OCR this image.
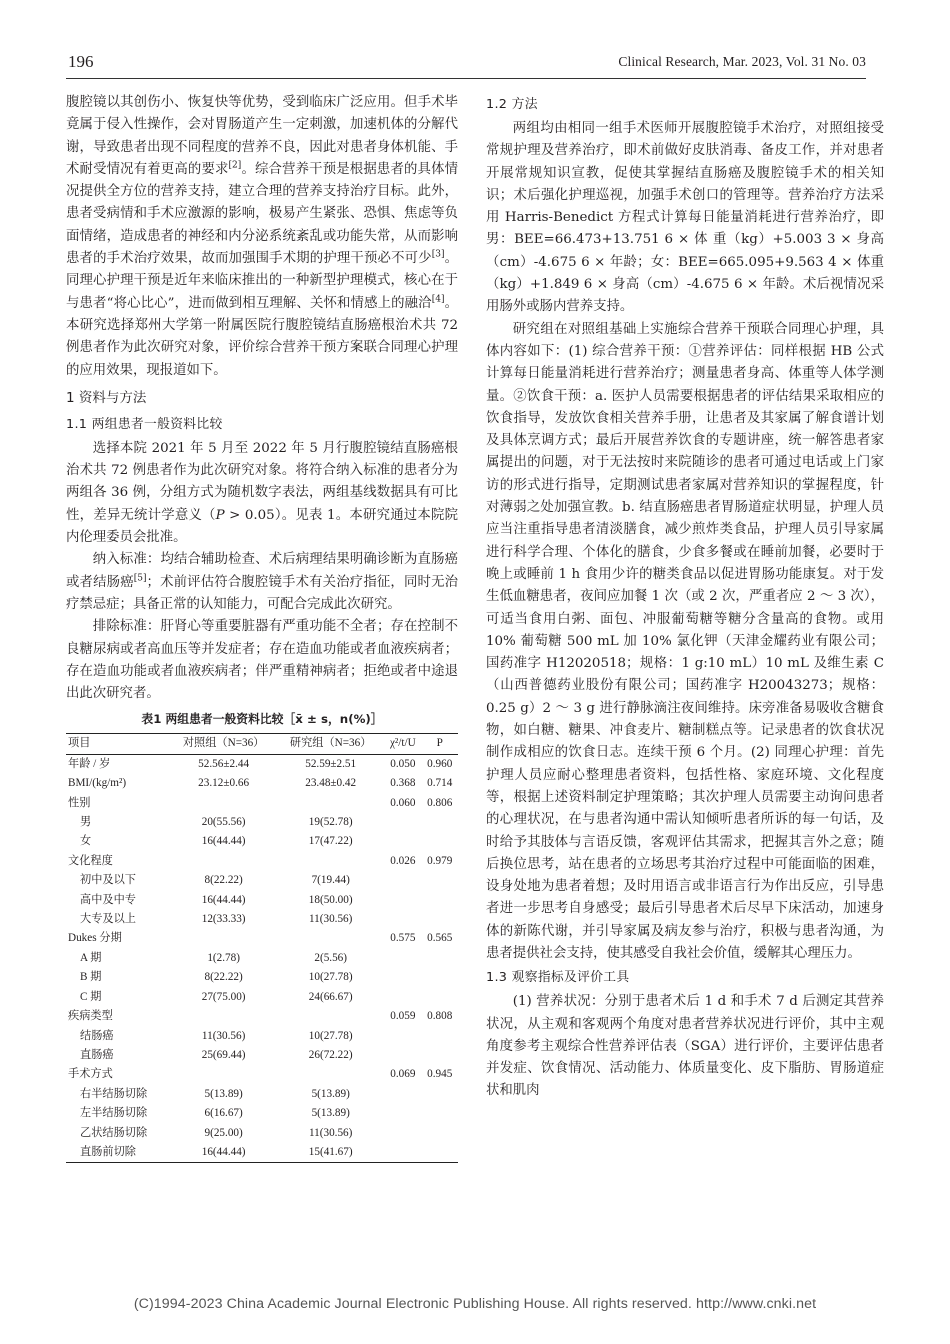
196	Clinical Research, Mar. 2023, Vol. 31 No. 03

腹腔镜以其创伤小、恢复快等优势，受到临床广泛应用。但手术毕竟属于侵入性操作，会对胃肠道产生一定刺激，加速机体的分解代谢，导致患者出现不同程度的营养不良，因此对患者身体机能、手术耐受情况有着更高的要求[2]。综合营养干预是根据患者的具体情况提供全方位的营养支持，建立合理的营养支持治疗目标。此外，患者受病情和手术应激源的影响，极易产生紧张、恐惧、焦虑等负面情绪，造成患者的神经和内分泌系统紊乱或功能失常，从而影响患者的手术治疗效果，故而加强围手术期的护理干预必不可少[3]。同理心护理干预是近年来临床推出的一种新型护理模式，核心在于与患者“将心比心”，进而做到相互理解、关怀和情感上的融洽[4]。本研究选择郑州大学第一附属医院行腹腔镜结直肠癌根治术共 72 例患者作为此次研究对象，评价综合营养干预方案联合同理心护理的应用效果，现报道如下。

1 资料与方法
1.1 两组患者一般资料比较

选择本院 2021 年 5 月至 2022 年 5 月行腹腔镜结直肠癌根治术共 72 例患者作为此次研究对象。将符合纳入标准的患者分为两组各 36 例，分组方式为随机数字表法，两组基线数据具有可比性，差异无统计学意义（P > 0.05）。见表 1。本研究通过本院院内伦理委员会批准。

纳入标准：均结合辅助检查、术后病理结果明确诊断为直肠癌或者结肠癌[5]；术前评估符合腹腔镜手术有关治疗指征，同时无治疗禁忌症；具备正常的认知能力，可配合完成此次研究。

排除标准：肝肾心等重要脏器有严重功能不全者；存在控制不良糖尿病或者高血压等并发症者；存在造血功能或者血液疾病者；存在造血功能或者血液疾病者；伴严重精神病者；拒绝或者中途退出此次研究者。

表1 两组患者一般资料比较［x̄ ± s，n(%)］
项目	对照组（N=36）	研究组（N=36）	χ²/t/U	P
年龄 / 岁	52.56±2.44	52.59±2.51	0.050	0.960
BMI/(kg/m²)	23.12±0.66	23.48±0.42	0.368	0.714
性别			0.060	0.806
男	20(55.56)	19(52.78)		
女	16(44.44)	17(47.22)		
文化程度			0.026	0.979
初中及以下	8(22.22)	7(19.44)		
高中及中专	16(44.44)	18(50.00)		
大专及以上	12(33.33)	11(30.56)		
Dukes 分期			0.575	0.565
A 期	1(2.78)	2(5.56)		
B 期	8(22.22)	10(27.78)		
C 期	27(75.00)	24(66.67)		
疾病类型			0.059	0.808
结肠癌	11(30.56)	10(27.78)		
直肠癌	25(69.44)	26(72.22)		
手术方式			0.069	0.945
右半结肠切除	5(13.89)	5(13.89)		
左半结肠切除	6(16.67)	5(13.89)		
乙状结肠切除	9(25.00)	11(30.56)		
直肠前切除	16(44.44)	15(41.67)		
1.2 方法

两组均由相同一组手术医师开展腹腔镜手术治疗，对照组接受常规护理及营养治疗，即术前做好皮肤消毒、备皮工作，并对患者开展常规知识宣教，促使其掌握结直肠癌及腹腔镜手术的相关知识；术后强化护理巡视，加强手术创口的管理等。营养治疗方法采用 Harris-Benedict 方程式计算每日能量消耗进行营养治疗，即男：BEE=66.473+13.751 6 × 体 重（kg）+5.003 3 × 身高（cm）-4.675 6 × 年龄；女：BEE=665.095+9.563 4 × 体重（kg）+1.849 6 × 身高（cm）-4.675 6 × 年龄。术后视情况采用肠外或肠内营养支持。

研究组在对照组基础上实施综合营养干预联合同理心护理，具体内容如下：(1) 综合营养干预：①营养评估：同样根据 HB 公式计算每日能量消耗进行营养治疗；测量患者身高、体重等人体学测量。②饮食干预：a. 医护人员需要根据患者的评估结果采取相应的饮食指导，发放饮食相关营养手册，让患者及其家属了解食谱计划及具体烹调方式；最后开展营养饮食的专题讲座，统一解答患者家属提出的问题，对于无法按时来院随诊的患者可通过电话或上门家访的形式进行指导，定期测试患者家属对营养知识的掌握程度，针对薄弱之处加强宣教。b. 结直肠癌患者胃肠道症状明显，护理人员应当注重指导患者清淡膳食，减少煎炸类食品，护理人员引导家属进行科学合理、个体化的膳食，少食多餐或在睡前加餐，必要时于晚上或睡前 1 h 食用少许的糖类食品以促进胃肠功能康复。对于发生低血糖患者，夜间应加餐 1 次（或 2 次，严重者应 2 ～ 3 次），可适当食用白粥、面包、冲服葡萄糖等糖分含量高的食物。或用 10% 葡萄糖 500 mL 加 10% 氯化钾（天津金耀药业有限公司；国药准字 H12020518；规格：1 g:10 mL）10 mL 及维生素 C（山西普德药业股份有限公司；国药准字 H20043273；规格：0.25 g）2 ～ 3 g 进行静脉滴注夜间维持。床旁准备易吸收含糖食物，如白糖、糖果、冲食麦片、糖制糕点等。记录患者的饮食状况制作成相应的饮食日志。连续干预 6 个月。(2) 同理心护理：首先护理人员应耐心整理患者资料，包括性格、家庭环境、文化程度等，根据上述资料制定护理策略；其次护理人员需要主动询问患者的心理状况，在与患者沟通中需认知倾听患者所诉的每一句话，及时给予其肢体与言语反馈，客观评估其需求，把握其言外之意；随后换位思考，站在患者的立场思考其治疗过程中可能面临的困难，设身处地为患者着想；及时用语言或非语言行为作出反应，引导患者进一步思考自身感受；最后引导患者术后尽早下床活动，加速身体的新陈代谢，并引导家属及病友参与治疗，积极与患者沟通，为患者提供社会支持，使其感受自我社会价值，缓解其心理压力。

1.3 观察指标及评价工具

(1) 营养状况：分别于患者术后 1 d 和手术 7 d 后测定其营养状况，从主观和客观两个角度对患者营养状况进行评价，其中主观角度参考主观综合性营养评估表（SGA）进行评价，主要评估患者并发症、饮食情况、活动能力、体质量变化、皮下脂肪、胃肠道症状和肌肉

(C)1994-2023 China Academic Journal Electronic Publishing House. All rights reserved. http://www.cnki.net
